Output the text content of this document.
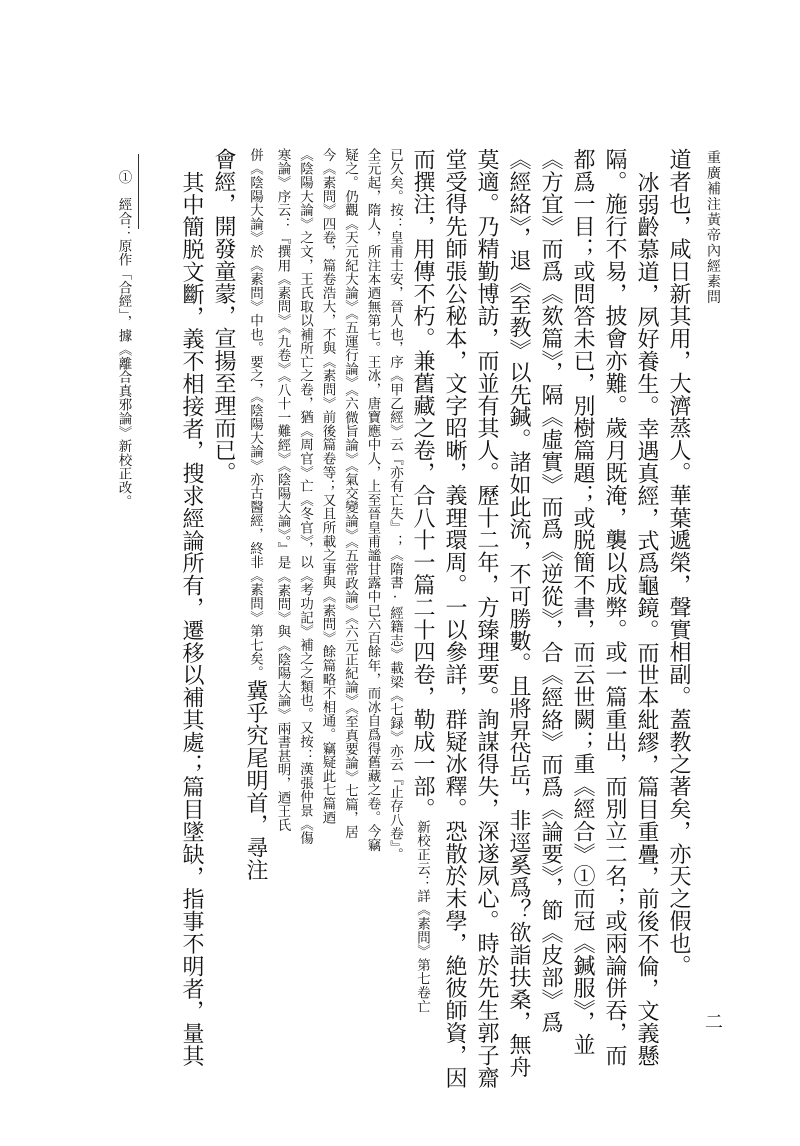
重廣補注黃帝內經素問
二
道者也，咸日新其用，大濟蒸人。華葉遞榮，聲實相副。蓋教之著矣，亦天之假也。
冰弱齡慕道，夙好養生。幸遇真經，式爲龜鏡。而世本紕繆，篇目重疊，前後不倫，文義懸
隔。施行不易，披會亦難。歲月既淹，襲以成弊。或一篇重出，而別立二名；或兩論併吞，而
都爲一目；或問答未已，別樹篇題；或脱簡不書，而云世闕；重《經合》①而冠《鍼服》，並
《方宜》而爲《欬篇》，隔《虛實》而爲《逆從》，合《經絡》而爲《論要》，節《皮部》爲
《經絡》，退《至教》以先鍼。諸如此流，不可勝數。且將昇岱岳，非逕奚爲？欲詣扶桑，無舟
莫適。乃精勤博訪，而並有其人。歷十二年，方臻理要。詢謀得失，深遂夙心。時於先生郭子齋
堂受得先師張公秘本，文字昭晰，義理環周。一以參詳，群疑冰釋。恐散於末學，絶彼師資，因
而撰注，用傳不朽。兼舊藏之卷，合八十一篇二十四卷，勒成一部。新校正云：詳《素問》第七卷亡
已久矣。按：皇甫士安，晉人也，序《甲乙經》云『亦有亡失』；《隋書·經籍志》載梁《七録》亦云『止存八卷』。
全元起，隋人，所注本迺無第七。王冰，唐寶應中人，上至晉皇甫謐甘露中已六百餘年，而冰自爲得舊藏之卷。今竊
疑之。仍觀《天元紀大論》《五運行論》《六微旨論》《氣交變論》《五常政論》《六元正紀論》《至真要論》七篇，居
今《素問》四卷，篇卷浩大，不與《素問》前後篇卷等；又且所載之事與《素問》餘篇略不相通。竊疑此七篇迺
《陰陽大論》之文，王氏取以補所亡之卷，猶《周官》亡《冬官》，以《考功記》補之之類也。又按：漢張仲景《傷
寒論》序云：『撰用《素問》《九卷》《八十一難經》《陰陽大論》。』是《素問》與《陰陽大論》兩書甚明，迺王氏
併《陰陽大論》於《素問》中也。要之，《陰陽大論》亦古醫經，終非《素問》第七矣。冀乎究尾明首，尋注
會經，開發童蒙，宣揚至理而已。
其中簡脱文斷，義不相接者，搜求經論所有，遷移以補其處；篇目墜缺，指事不明者，量其
①　經合：原作「合經」，據《離合真邪論》新校正改。
